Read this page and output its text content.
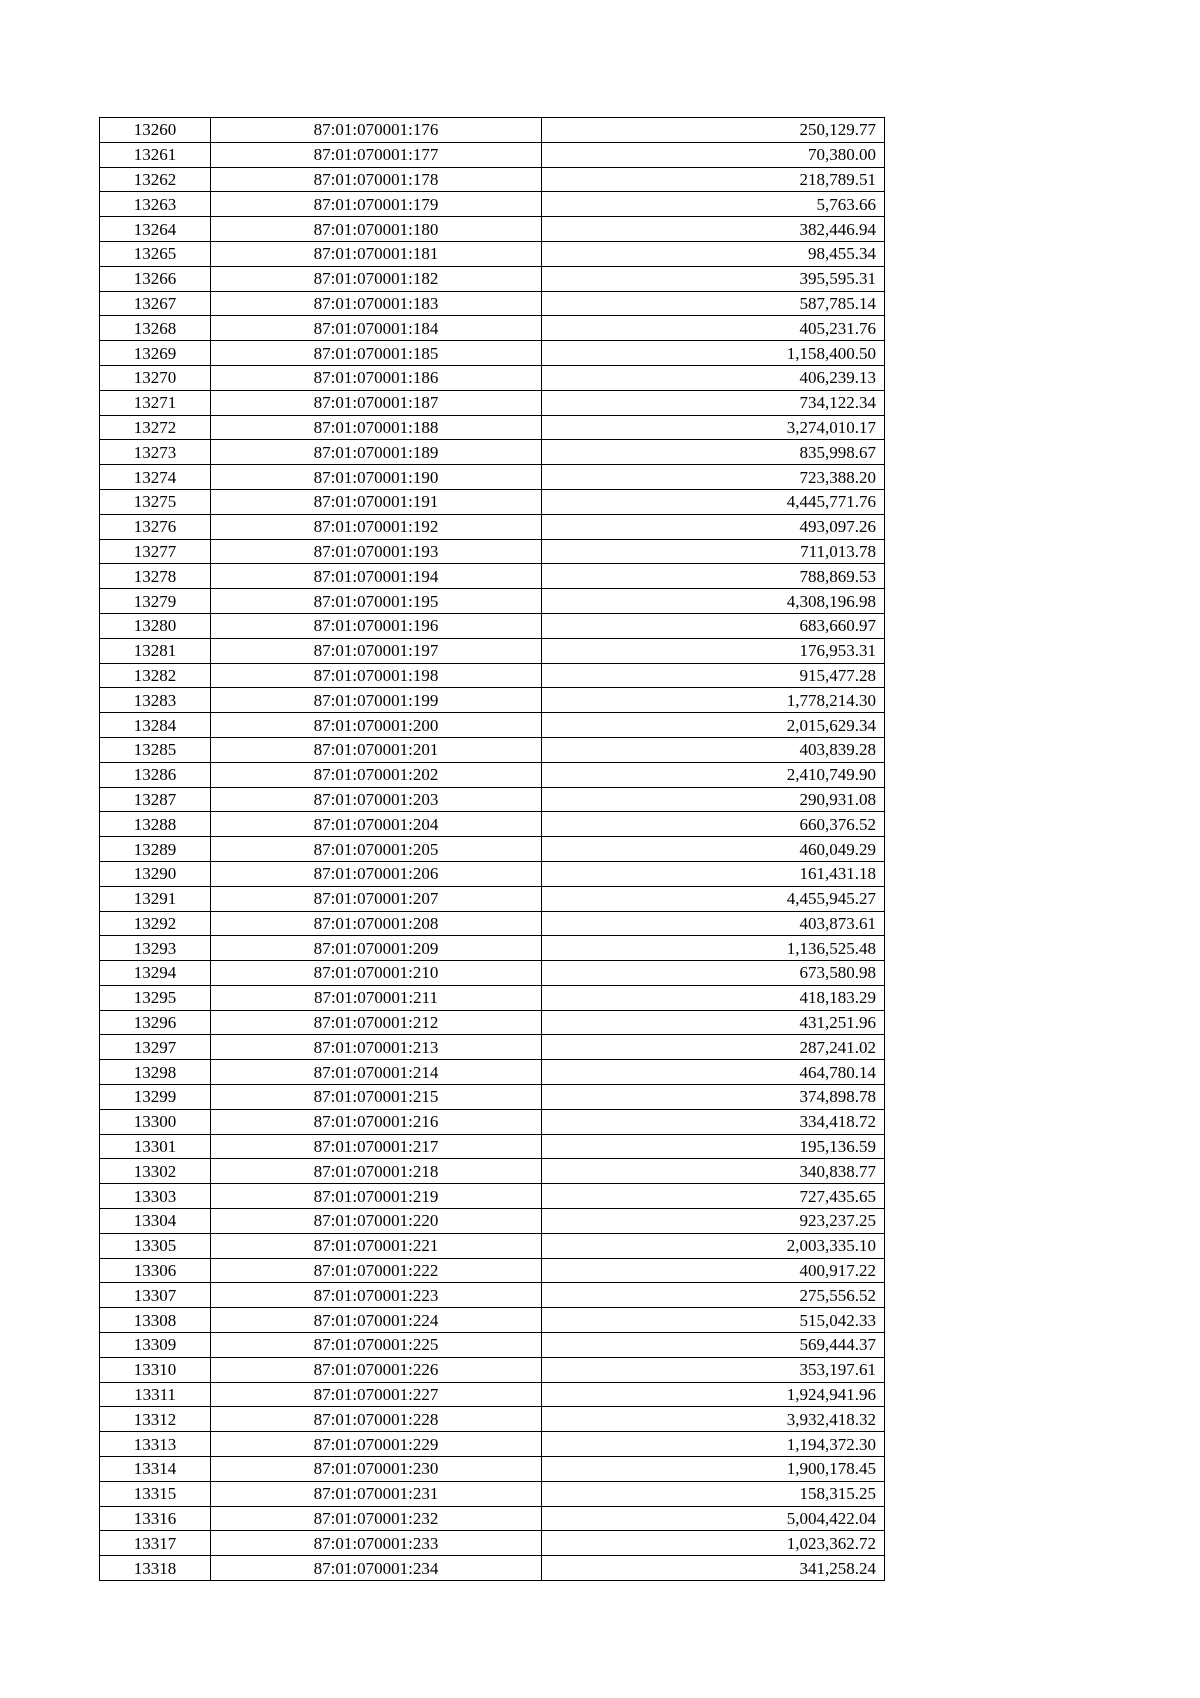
13260	87:01:070001:176	250,129.77
13261	87:01:070001:177	70,380.00
13262	87:01:070001:178	218,789.51
13263	87:01:070001:179	5,763.66
13264	87:01:070001:180	382,446.94
13265	87:01:070001:181	98,455.34
13266	87:01:070001:182	395,595.31
13267	87:01:070001:183	587,785.14
13268	87:01:070001:184	405,231.76
13269	87:01:070001:185	1,158,400.50
13270	87:01:070001:186	406,239.13
13271	87:01:070001:187	734,122.34
13272	87:01:070001:188	3,274,010.17
13273	87:01:070001:189	835,998.67
13274	87:01:070001:190	723,388.20
13275	87:01:070001:191	4,445,771.76
13276	87:01:070001:192	493,097.26
13277	87:01:070001:193	711,013.78
13278	87:01:070001:194	788,869.53
13279	87:01:070001:195	4,308,196.98
13280	87:01:070001:196	683,660.97
13281	87:01:070001:197	176,953.31
13282	87:01:070001:198	915,477.28
13283	87:01:070001:199	1,778,214.30
13284	87:01:070001:200	2,015,629.34
13285	87:01:070001:201	403,839.28
13286	87:01:070001:202	2,410,749.90
13287	87:01:070001:203	290,931.08
13288	87:01:070001:204	660,376.52
13289	87:01:070001:205	460,049.29
13290	87:01:070001:206	161,431.18
13291	87:01:070001:207	4,455,945.27
13292	87:01:070001:208	403,873.61
13293	87:01:070001:209	1,136,525.48
13294	87:01:070001:210	673,580.98
13295	87:01:070001:211	418,183.29
13296	87:01:070001:212	431,251.96
13297	87:01:070001:213	287,241.02
13298	87:01:070001:214	464,780.14
13299	87:01:070001:215	374,898.78
13300	87:01:070001:216	334,418.72
13301	87:01:070001:217	195,136.59
13302	87:01:070001:218	340,838.77
13303	87:01:070001:219	727,435.65
13304	87:01:070001:220	923,237.25
13305	87:01:070001:221	2,003,335.10
13306	87:01:070001:222	400,917.22
13307	87:01:070001:223	275,556.52
13308	87:01:070001:224	515,042.33
13309	87:01:070001:225	569,444.37
13310	87:01:070001:226	353,197.61
13311	87:01:070001:227	1,924,941.96
13312	87:01:070001:228	3,932,418.32
13313	87:01:070001:229	1,194,372.30
13314	87:01:070001:230	1,900,178.45
13315	87:01:070001:231	158,315.25
13316	87:01:070001:232	5,004,422.04
13317	87:01:070001:233	1,023,362.72
13318	87:01:070001:234	341,258.24
